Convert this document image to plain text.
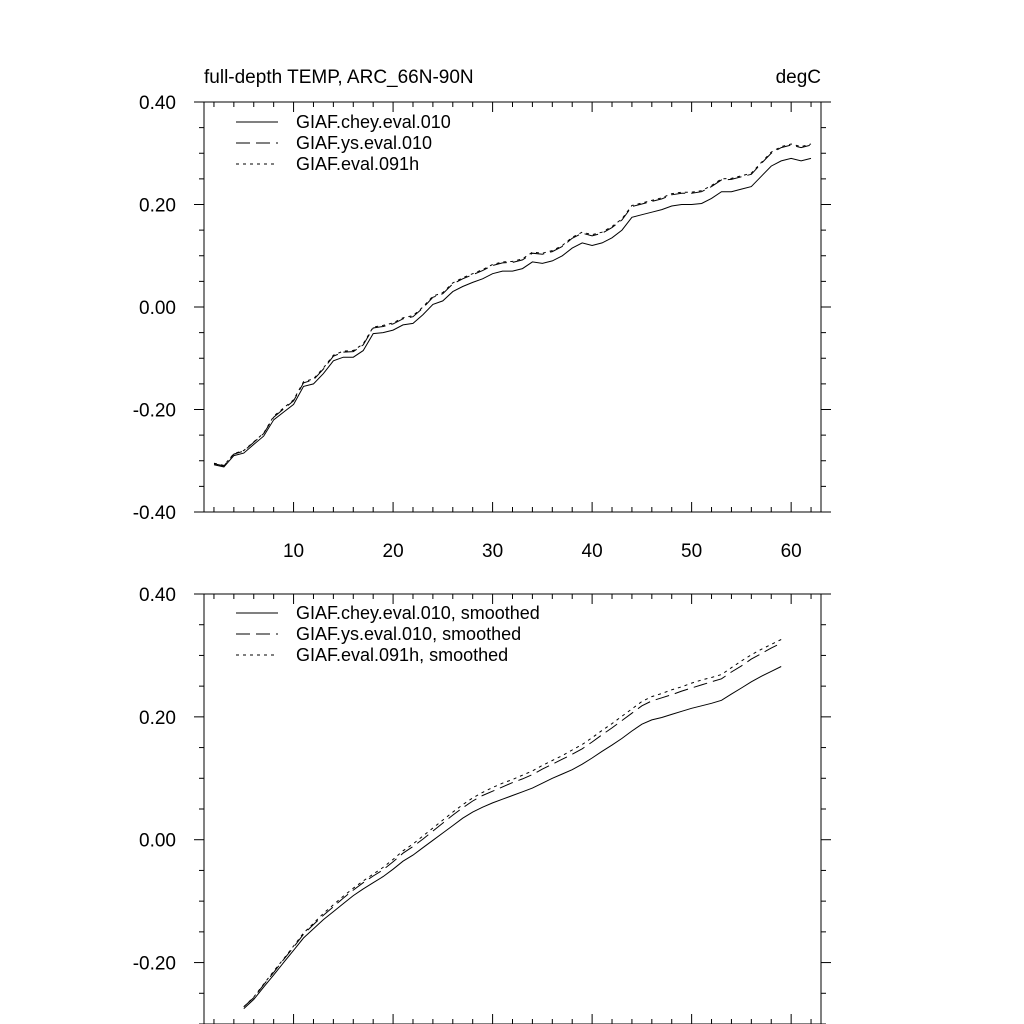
full-depth TEMP, ARC_66N-90N	degC
-0.40
-0.20
0.00
0.20
0.40
10	20	30	40	50	60
GIAF.chey.eval.010
GIAF.ys.eval.010
GIAF.eval.091h
-0.20
0.00
0.20
0.40
GIAF.chey.eval.010, smoothed
GIAF.ys.eval.010, smoothed
GIAF.eval.091h, smoothed
